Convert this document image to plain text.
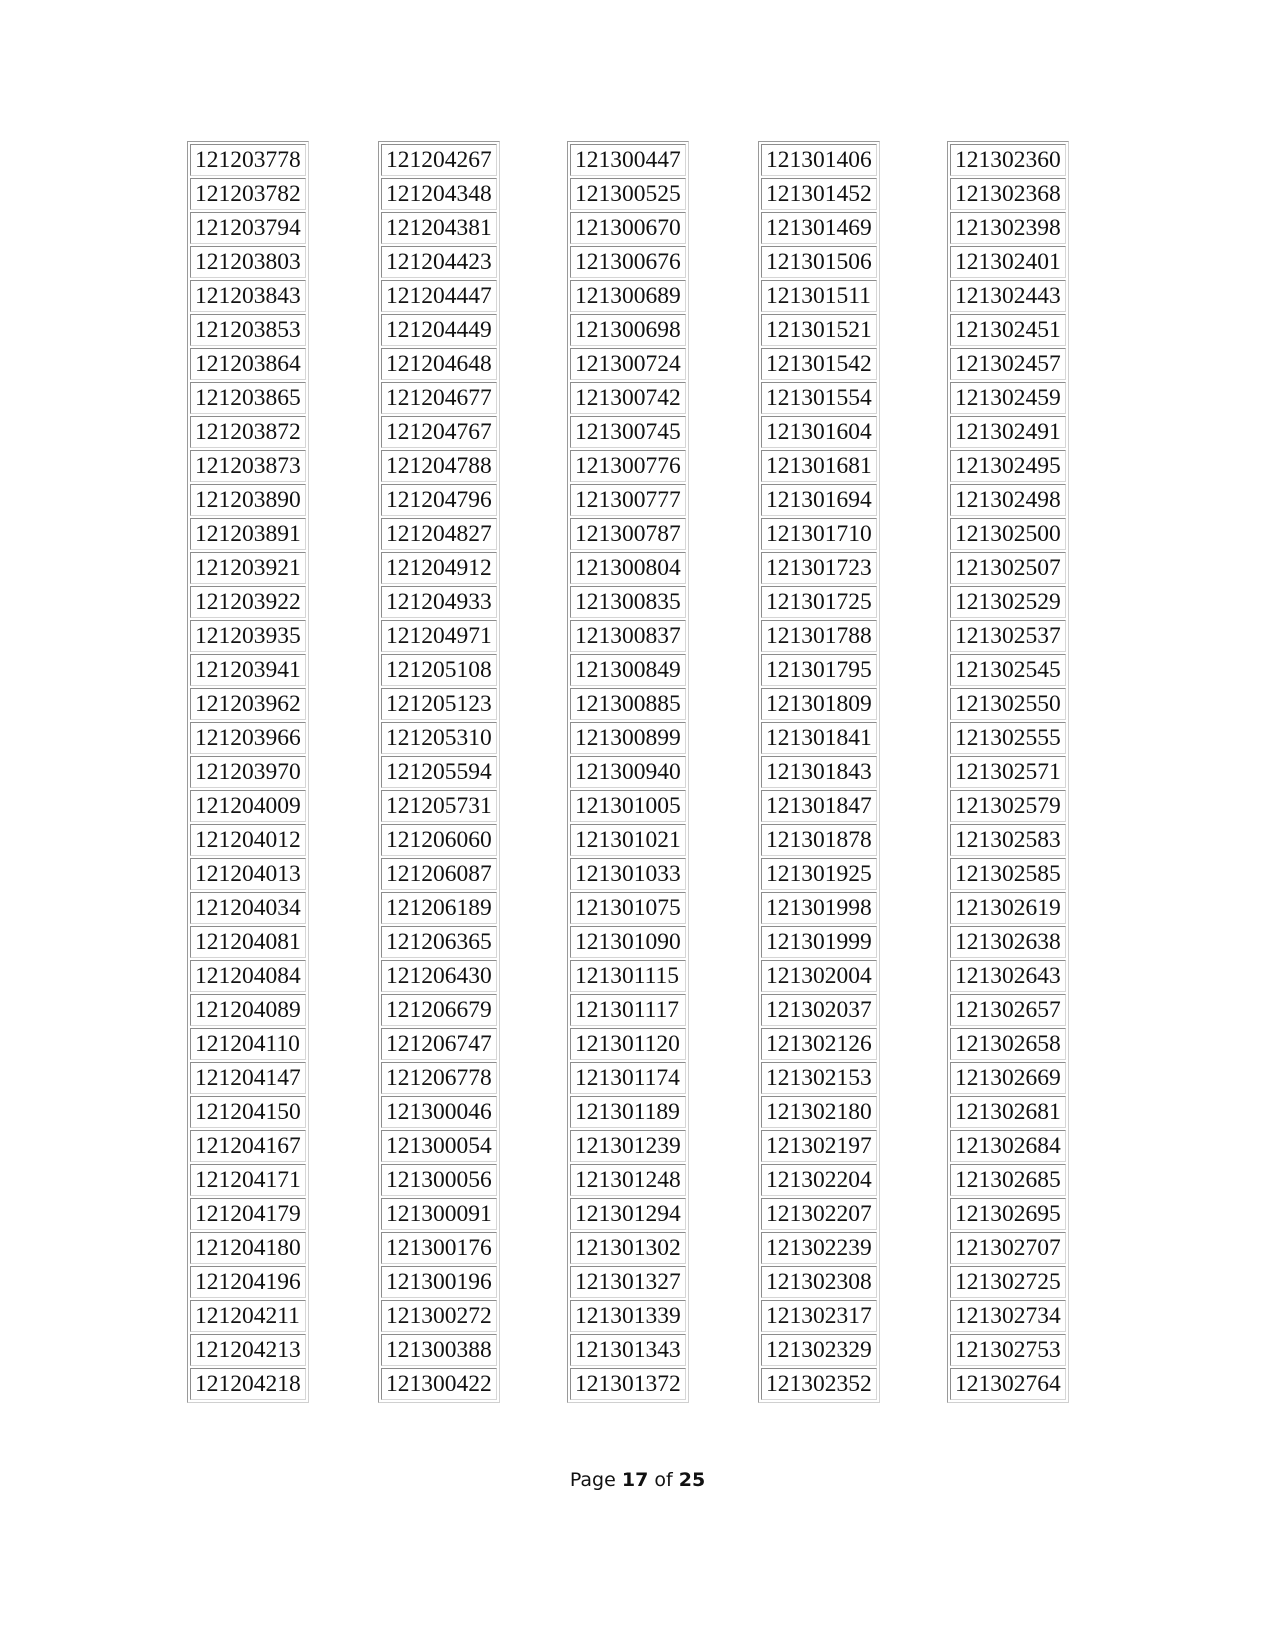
121203778
121203782
121203794
121203803
121203843
121203853
121203864
121203865
121203872
121203873
121203890
121203891
121203921
121203922
121203935
121203941
121203962
121203966
121203970
121204009
121204012
121204013
121204034
121204081
121204084
121204089
121204110
121204147
121204150
121204167
121204171
121204179
121204180
121204196
121204211
121204213
121204218
121204267
121204348
121204381
121204423
121204447
121204449
121204648
121204677
121204767
121204788
121204796
121204827
121204912
121204933
121204971
121205108
121205123
121205310
121205594
121205731
121206060
121206087
121206189
121206365
121206430
121206679
121206747
121206778
121300046
121300054
121300056
121300091
121300176
121300196
121300272
121300388
121300422
121300447
121300525
121300670
121300676
121300689
121300698
121300724
121300742
121300745
121300776
121300777
121300787
121300804
121300835
121300837
121300849
121300885
121300899
121300940
121301005
121301021
121301033
121301075
121301090
121301115
121301117
121301120
121301174
121301189
121301239
121301248
121301294
121301302
121301327
121301339
121301343
121301372
121301406
121301452
121301469
121301506
121301511
121301521
121301542
121301554
121301604
121301681
121301694
121301710
121301723
121301725
121301788
121301795
121301809
121301841
121301843
121301847
121301878
121301925
121301998
121301999
121302004
121302037
121302126
121302153
121302180
121302197
121302204
121302207
121302239
121302308
121302317
121302329
121302352
121302360
121302368
121302398
121302401
121302443
121302451
121302457
121302459
121302491
121302495
121302498
121302500
121302507
121302529
121302537
121302545
121302550
121302555
121302571
121302579
121302583
121302585
121302619
121302638
121302643
121302657
121302658
121302669
121302681
121302684
121302685
121302695
121302707
121302725
121302734
121302753
121302764
Page 17 of 25
